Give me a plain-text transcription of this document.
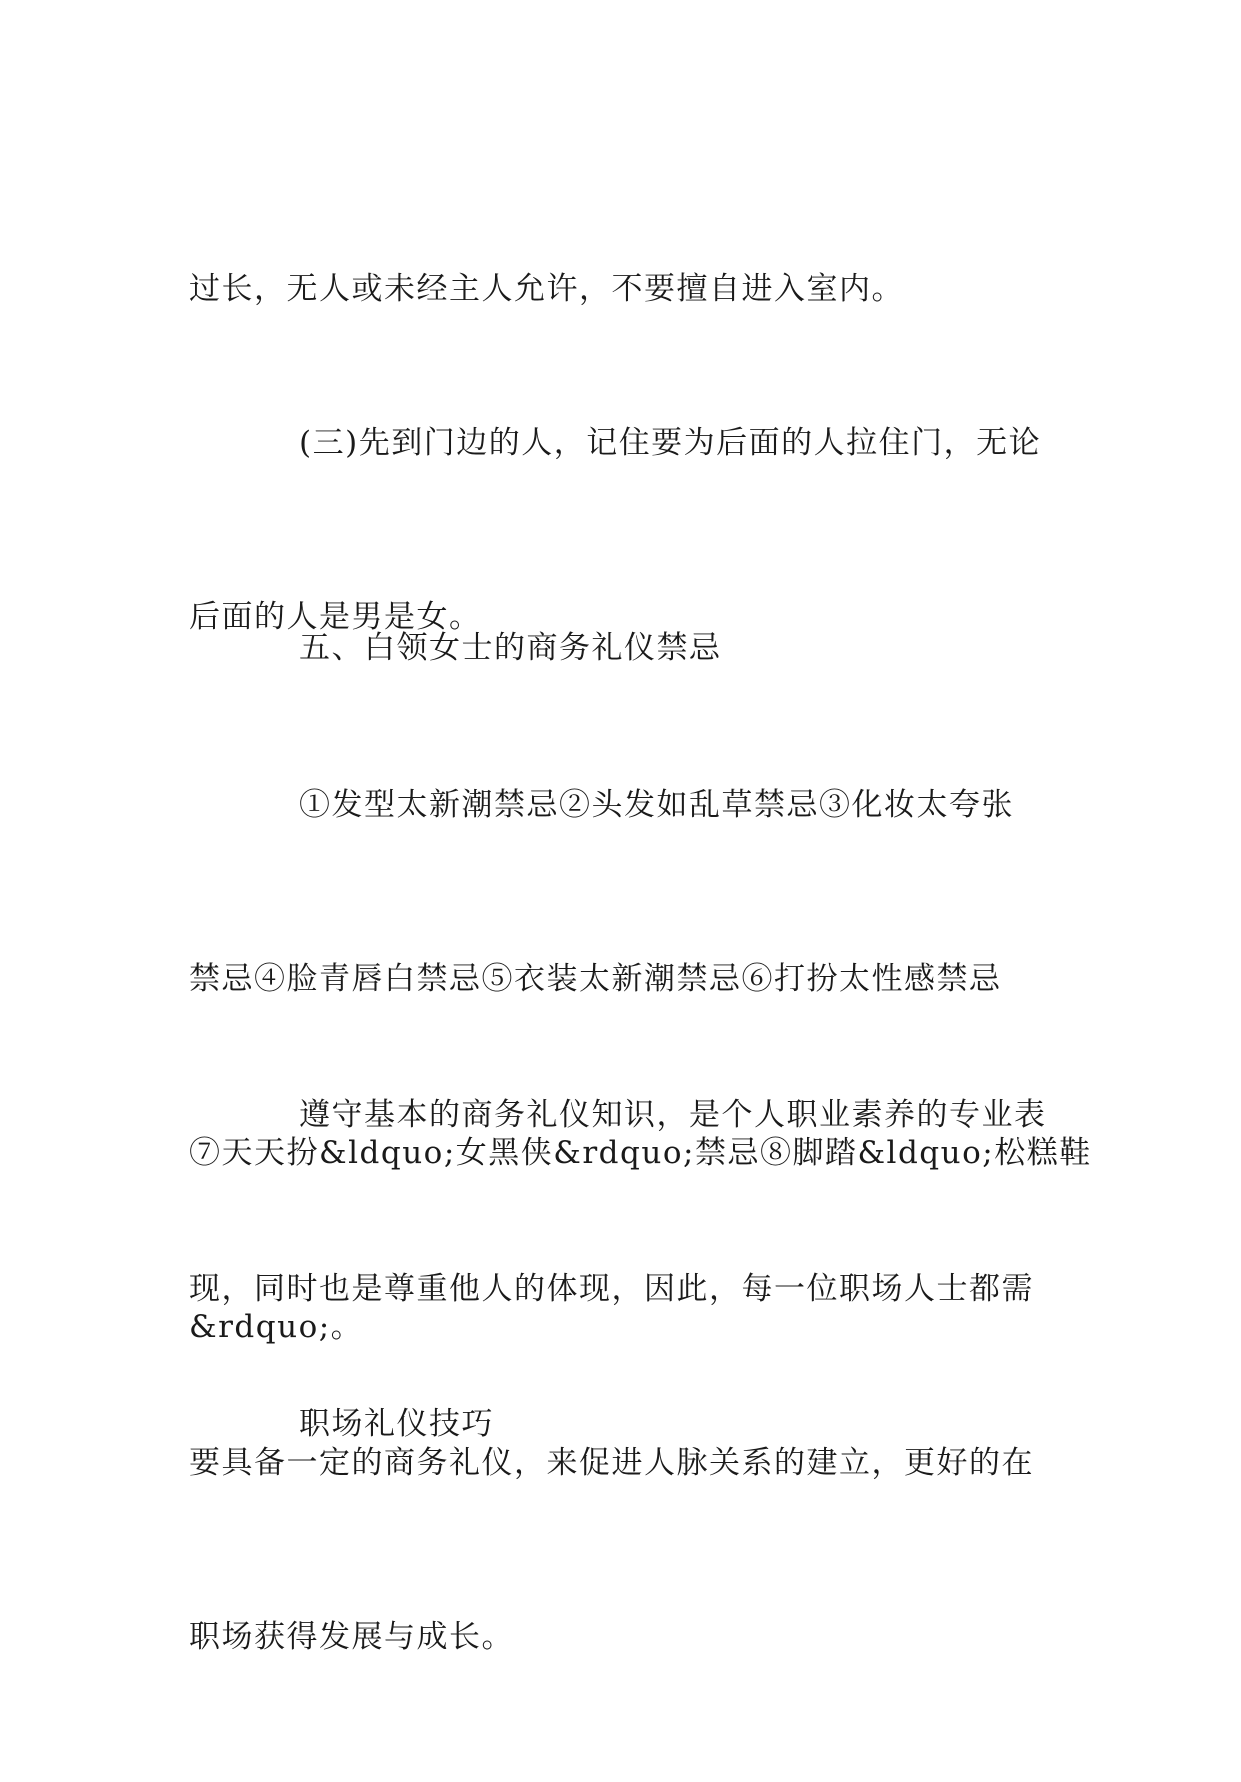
过长，无人或未经主人允许，不要擅自进入室内。

(三)先到门边的人，记住要为后面的人拉住门，无论

后面的人是男是女。

五、白领女士的商务礼仪禁忌

①发型太新潮禁忌②头发如乱草禁忌③化妆太夸张

禁忌④脸青唇白禁忌⑤衣装太新潮禁忌⑥打扮太性感禁忌

⑦天天扮&ldquo;女黑侠&rdquo;禁忌⑧脚踏&ldquo;松糕鞋

&rdquo;。

遵守基本的商务礼仪知识，是个人职业素养的专业表

现，同时也是尊重他人的体现，因此，每一位职场人士都需

要具备一定的商务礼仪，来促进人脉关系的建立，更好的在

职场获得发展与成长。

职场礼仪技巧
